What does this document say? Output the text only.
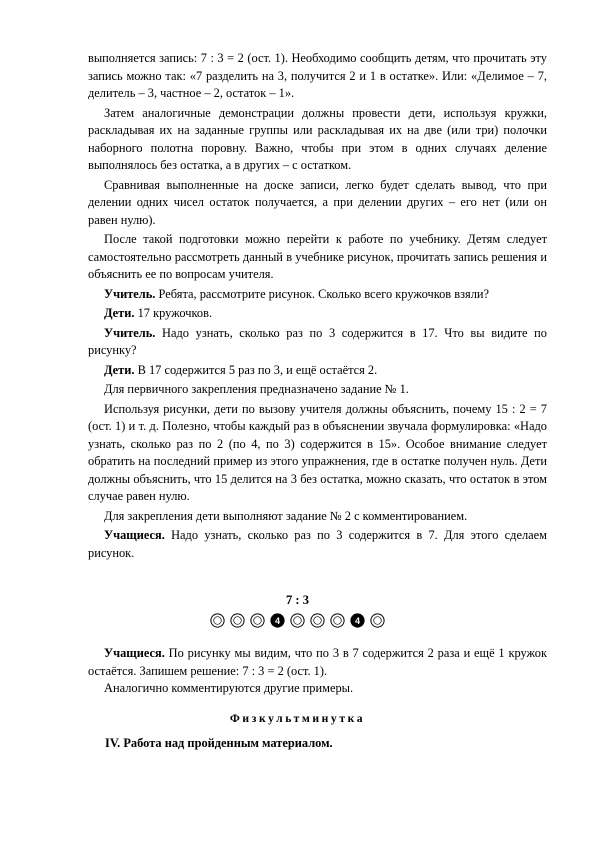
выполняется запись: 7 : 3 = 2 (ост. 1). Необходимо сообщить детям, что прочитать эту запись можно так: «7 разделить на 3, получится 2 и 1 в остатке». Или: «Делимое – 7, делитель – 3, частное – 2, остаток – 1».

Затем аналогичные демонстрации должны провести дети, используя кружки, раскладывая их на заданные группы или раскладывая их на две (или три) полочки наборного полотна поровну. Важно, чтобы при этом в одних случаях деление выполнялось без остатка, а в других – с остатком.

Сравнивая выполненные на доске записи, легко будет сделать вывод, что при делении одних чисел остаток получается, а при делении других – его нет (или он равен нулю).

После такой подготовки можно перейти к работе по учебнику. Детям следует самостоятельно рассмотреть данный в учебнике рисунок, прочитать запись решения и объяснить ее по вопросам учителя.

Учитель. Ребята, рассмотрите рисунок. Сколько всего кружочков взяли?

Дети. 17 кружочков.

Учитель. Надо узнать, сколько раз по 3 содержится в 17. Что вы видите по рисунку?

Дети. В 17 содержится 5 раз по 3, и ещё остаётся 2.

Для первичного закрепления предназначено задание № 1.

Используя рисунки, дети по вызову учителя должны объяснить, почему 15 : 2 = 7 (ост. 1) и т. д. Полезно, чтобы каждый раз в объяснении звучала формулировка: «Надо узнать, сколько раз по 2 (по 4, по 3) содержится в 15». Особое внимание следует обратить на последний пример из этого упражнения, где в остатке получен нуль. Дети должны объяснить, что 15 делится на 3 без остатка, можно сказать, что остаток в этом случае равен нулю.

Для закрепления дети выполняют задание № 2 с комментированием.

Учащиеся. Надо узнать, сколько раз по 3 содержится в 7. Для этого сделаем рисунок.

7 : 3
4	4

Учащиеся. По рисунку мы видим, что по 3 в 7 содержится 2 раза и ещё 1 кружок остаётся. Запишем решение: 7 : 3 = 2 (ост. 1).

Аналогично комментируются другие примеры.

Физкультминутка
IV. Работа над пройденным материалом.
